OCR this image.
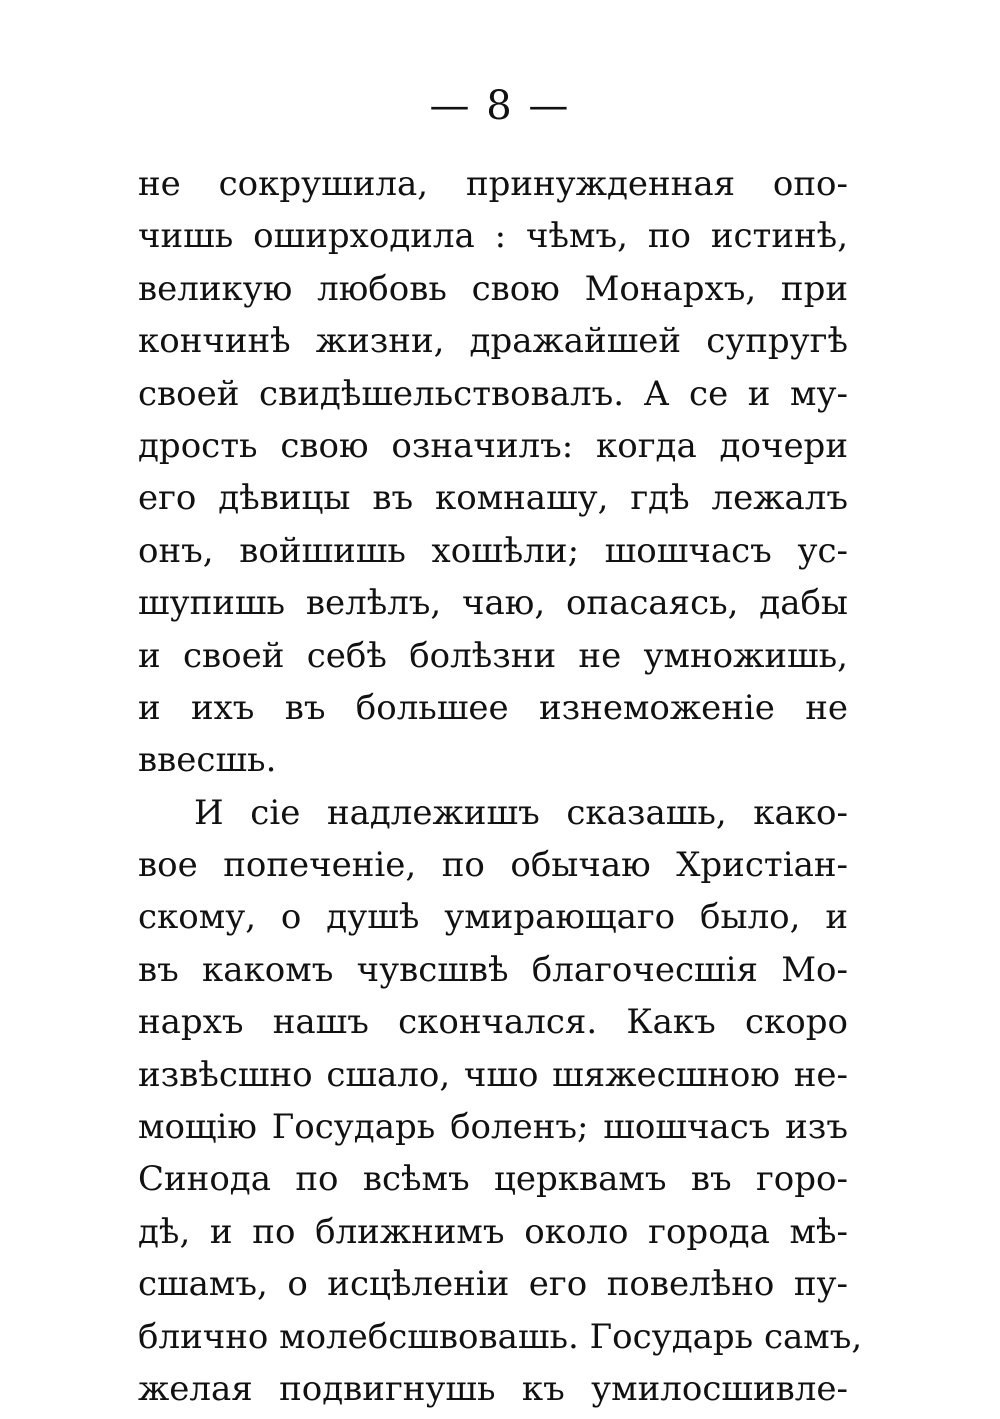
— 8 —
не сокрушила, принужденная опо-
чишь оширходила : чѣмъ, по истинѣ,
великую любовь свою Монархъ, при
кончинѣ жизни, дражайшей супругѣ
своей свидѣшельствовалъ. А се и му-
дрость свою означилъ: когда дочери
его дѣвицы въ комнашу, гдѣ лежалъ
онъ, войшишь хошѣли; шошчасъ ус-
шупишь велѣлъ, чаю, опасаясь, дабы
и своей себѣ болѣзни не умножишь,
и ихъ въ большее изнеможеніе не
ввесшь.
И сіе надлежишъ сказашь, како-
вое попеченіе, по обычаю Христіан-
скому, о душѣ умирающаго было, и
въ какомъ чувсшвѣ благочесшія Мо-
нархъ нашъ скончался. Какъ скоро
извѣсшно сшало, чшо шяжесшною не-
мощію Государь боленъ; шошчасъ изъ
Синода по всѣмъ церквамъ въ горо-
дѣ, и по ближнимъ около города мѣ-
сшамъ, о исцѣленіи его повелѣно пу-
блично молебсшвовашь. Государь самъ,
желая подвигнушь къ умилосшивле-
